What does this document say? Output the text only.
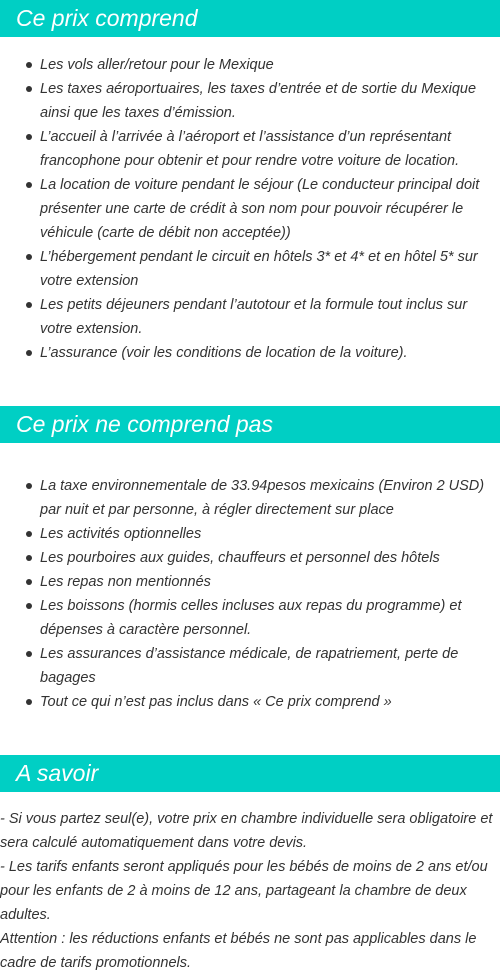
Ce prix comprend
Les vols aller/retour pour le Mexique
Les taxes aéroportuaires, les taxes d’entrée et de sortie du Mexique ainsi que les taxes d’émission.
L’accueil à l’arrivée à l’aéroport et l’assistance d’un représentant francophone pour obtenir et pour rendre votre voiture de location.
La location de voiture pendant le séjour (Le conducteur principal doit présenter une carte de crédit à son nom pour pouvoir récupérer le véhicule (carte de débit non acceptée))
L’hébergement pendant le circuit en hôtels 3* et 4* et en hôtel 5* sur votre extension
Les petits déjeuners pendant l’autotour et la formule tout inclus sur votre extension.
L’assurance (voir les conditions de location de la voiture).
Ce prix ne comprend pas
La taxe environnementale de 33.94pesos mexicains (Environ 2 USD) par nuit et par personne, à régler directement sur place
Les activités optionnelles
Les pourboires aux guides, chauffeurs et personnel des hôtels
Les repas non mentionnés
Les boissons (hormis celles incluses aux repas du programme) et dépenses à caractère personnel.
Les assurances d’assistance médicale, de rapatriement, perte de bagages
Tout ce qui n’est pas inclus dans « Ce prix comprend »
A savoir

- Si vous partez seul(e), votre prix en chambre individuelle sera obligatoire et sera calculé automatiquement dans votre devis.

- Les tarifs enfants seront appliqués pour les bébés de moins de 2 ans et/ou pour les enfants de 2 à moins de 12 ans, partageant la chambre de deux adultes.

Attention : les réductions enfants et bébés ne sont pas applicables dans le cadre de tarifs promotionnels.
